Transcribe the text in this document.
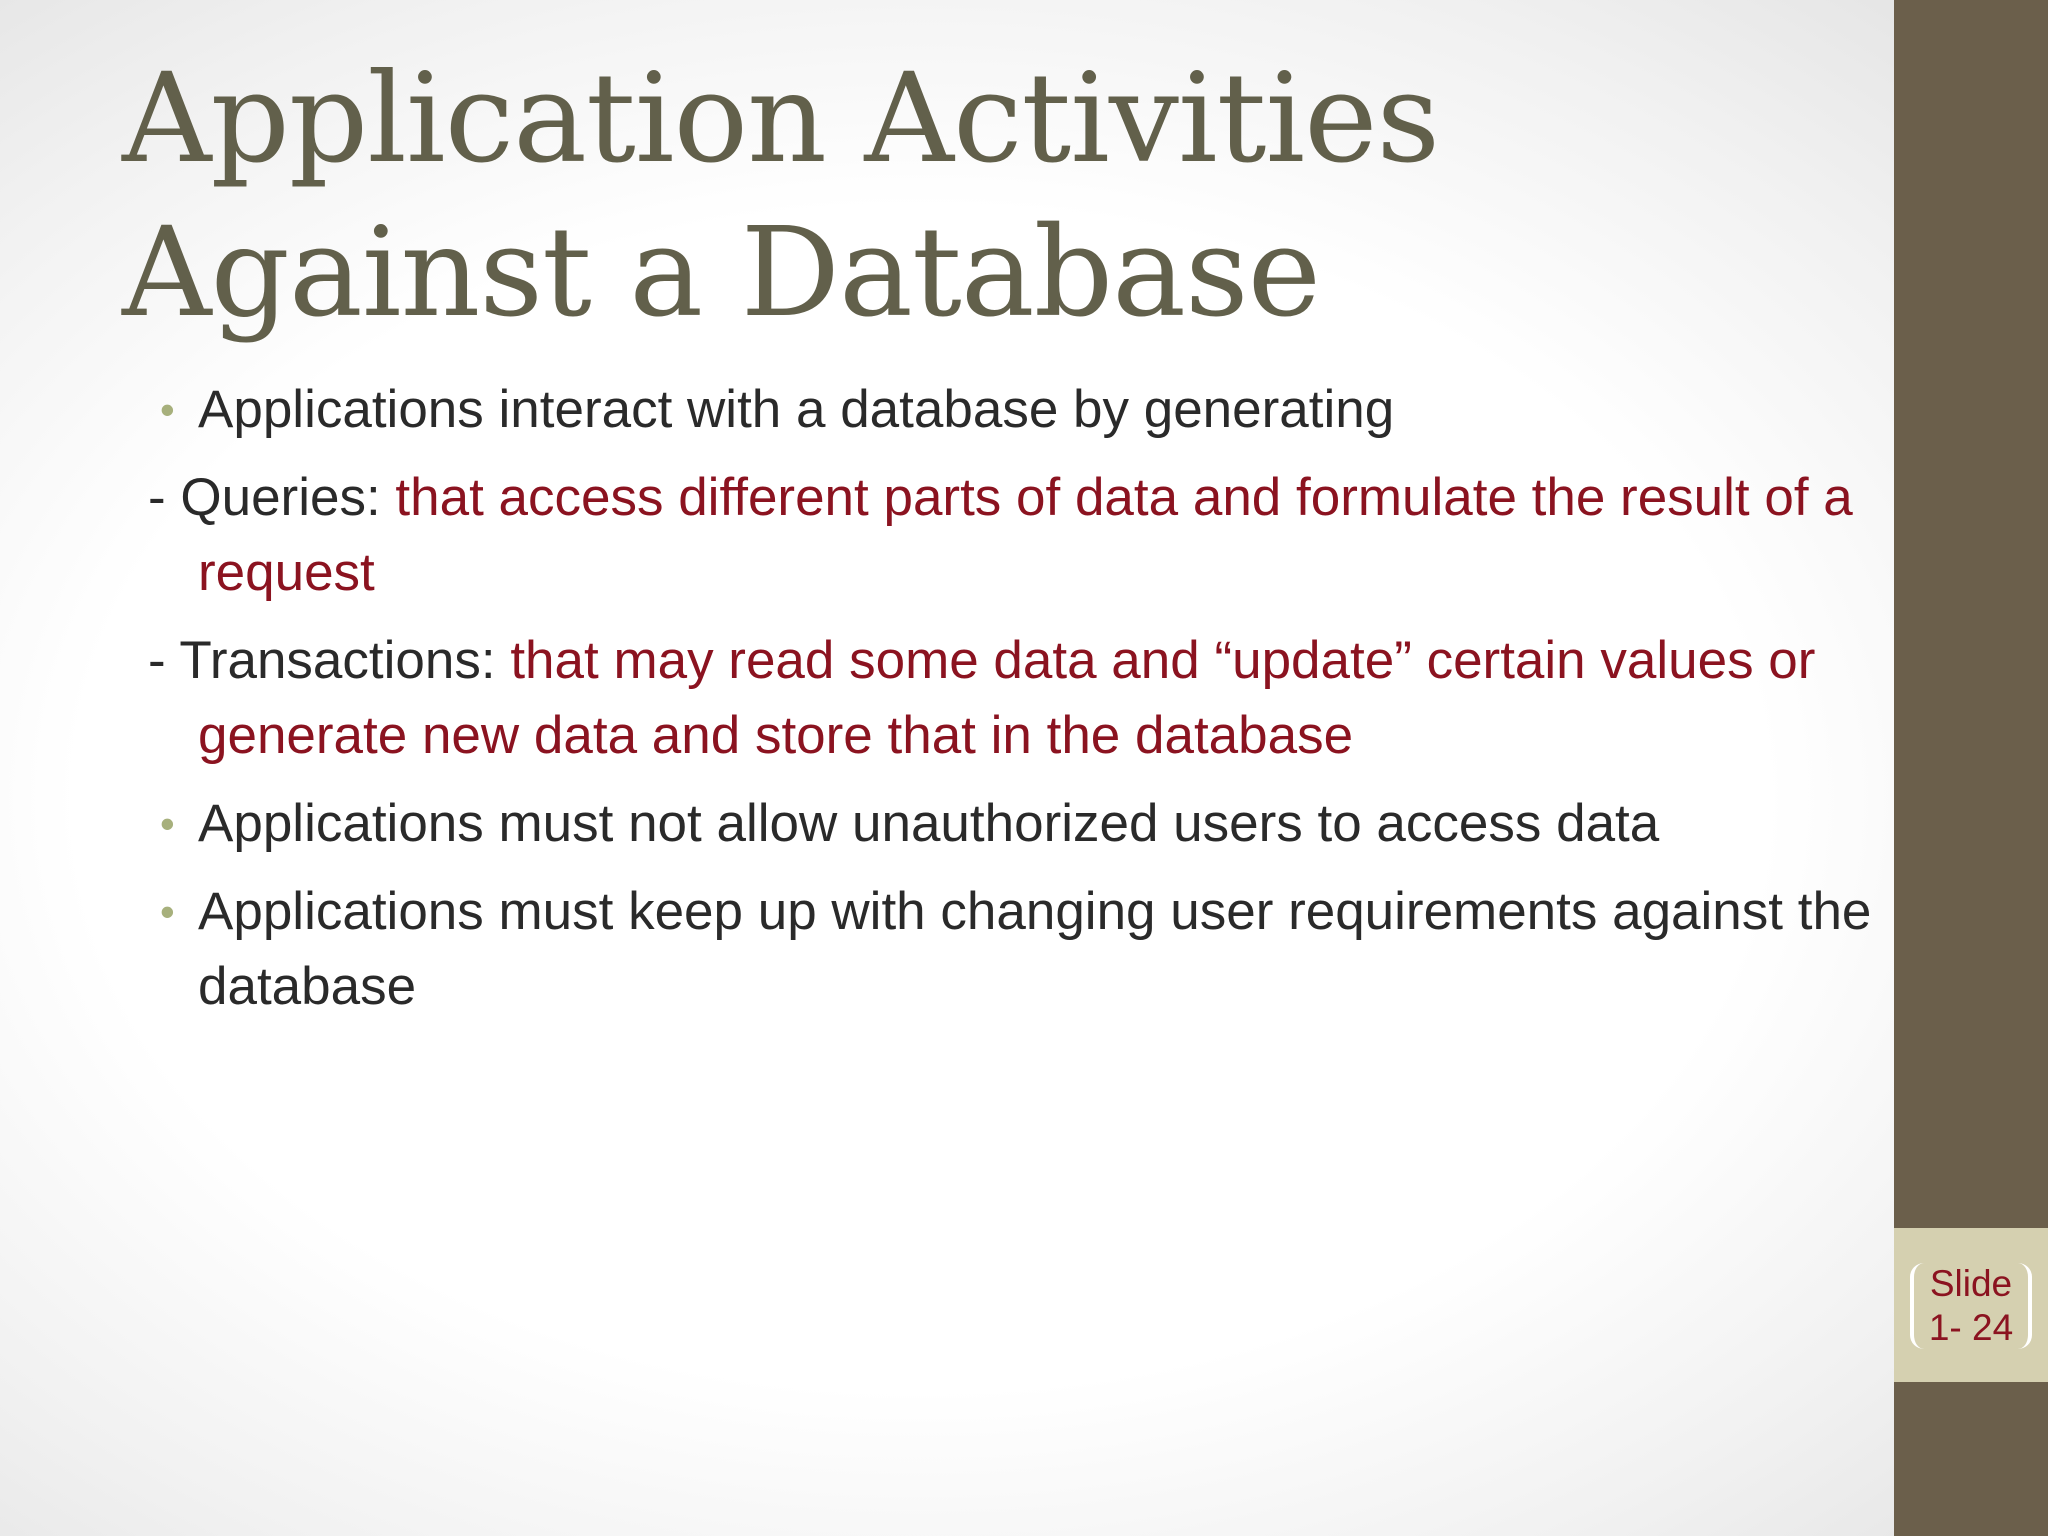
Application Activities Against a Database

• Applications interact with a database by generating

- Queries: that access different parts of data and formulate the result of a request

- Transactions: that may read some data and “update” certain values or generate new data and store that in the database

• Applications must not allow unauthorized users to access data

• Applications must keep up with changing user requirements against the database

Slide
1- 24
